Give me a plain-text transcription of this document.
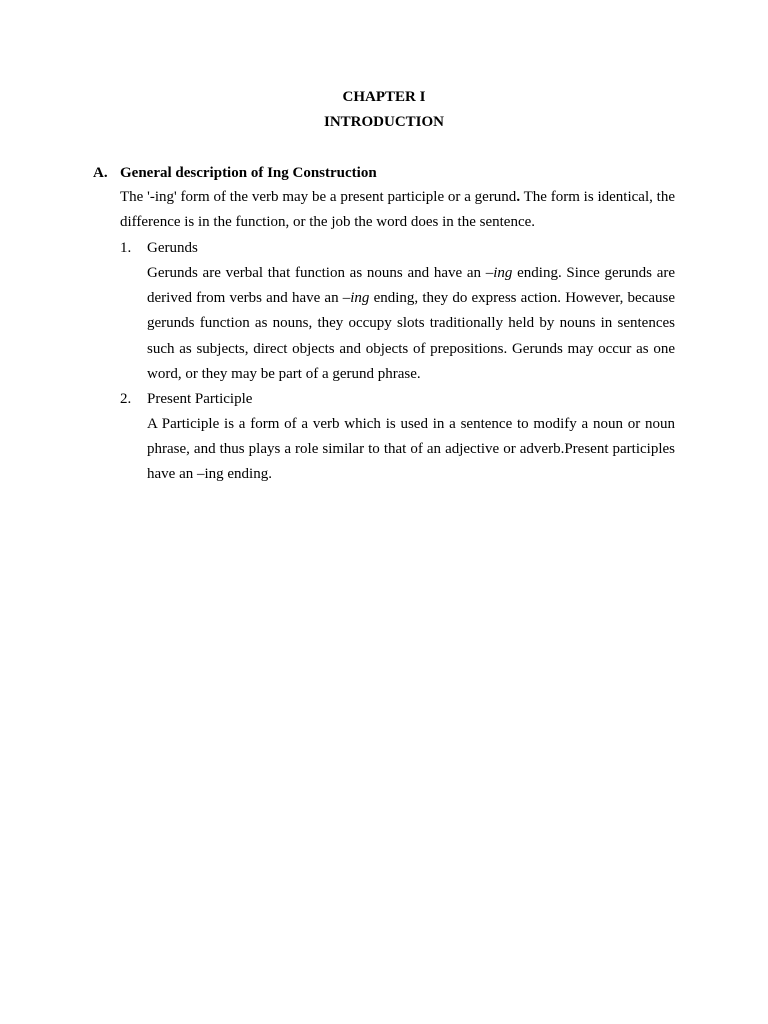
CHAPTER I
INTRODUCTION
A. General description of Ing Construction

The '-ing' form of the verb may be a present participle or a gerund. The form is identical, the difference is in the function, or the job the word does in the sentence.

1.	Gerunds

Gerunds are verbal that function as nouns and have an –ing ending. Since gerunds are derived from verbs and have an –ing ending, they do express action. However, because gerunds function as nouns, they occupy slots traditionally held by nouns in sentences such as subjects, direct objects and objects of prepositions. Gerunds may occur as one word, or they may be part of a gerund phrase.

2.	Present Participle

A Participle is a form of a verb which is used in a sentence to modify a noun or noun phrase, and thus plays a role similar to that of an adjective or adverb.Present participles have an –ing ending.
